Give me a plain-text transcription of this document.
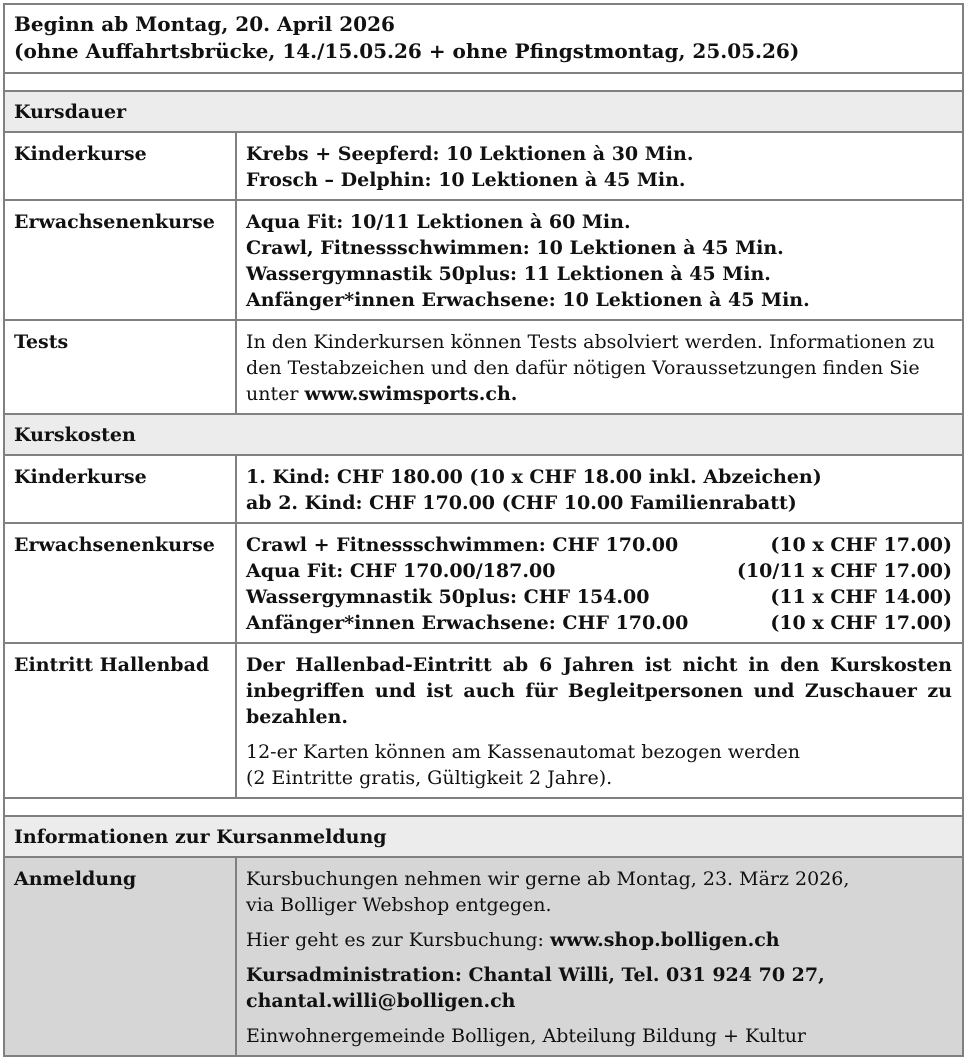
Beginn ab Montag, 20. April 2026
(ohne Auffahrtsbrücke, 14./15.05.26 + ohne Pfingstmontag, 25.05.26)
Kursdauer
Kinderkurse	Krebs + Seepferd: 10 Lektionen à 30 Min.
Frosch – Delphin: 10 Lektionen à 45 Min.
Erwachsenenkurse	Aqua Fit: 10/11 Lektionen à 60 Min.
Crawl, Fitnessschwimmen: 10 Lektionen à 45 Min.
Wassergymnastik 50plus: 11 Lektionen à 45 Min.
Anfänger*innen Erwachsene: 10 Lektionen à 45 Min.
Tests	In den Kinderkursen können Tests absolviert werden. Informationen zu den Testabzeichen und den dafür nötigen Voraussetzungen finden Sie unter www.swimsports.ch.
Kurskosten
Kinderkurse	1. Kind: CHF 180.00 (10 x CHF 18.00 inkl. Abzeichen)
ab 2. Kind: CHF 170.00 (CHF 10.00 Familienrabatt)
Erwachsenenkurse	Crawl + Fitnessschwimmen: CHF 170.00	(10 x CHF 17.00)
Aqua Fit: CHF 170.00/187.00	(10/11 x CHF 17.00)
Wassergymnastik 50plus: CHF 154.00	(11 x CHF 14.00)
Anfänger*innen Erwachsene: CHF 170.00	(10 x CHF 17.00)
Eintritt Hallenbad	Der Hallenbad-Eintritt ab 6 Jahren ist nicht in den Kurskosten inbegriffen und ist auch für Begleitpersonen und Zuschauer zu bezahlen.
12-er Karten können am Kassenautomat bezogen werden
(2 Eintritte gratis, Gültigkeit 2 Jahre).
Informationen zur Kursanmeldung
Anmeldung	Kursbuchungen nehmen wir gerne ab Montag, 23. März 2026,
via Bolliger Webshop entgegen.
Hier geht es zur Kursbuchung: www.shop.bolligen.ch
Kursadministration: Chantal Willi, Tel. 031 924 70 27,
chantal.willi@bolligen.ch
Einwohnergemeinde Bolligen, Abteilung Bildung + Kultur
